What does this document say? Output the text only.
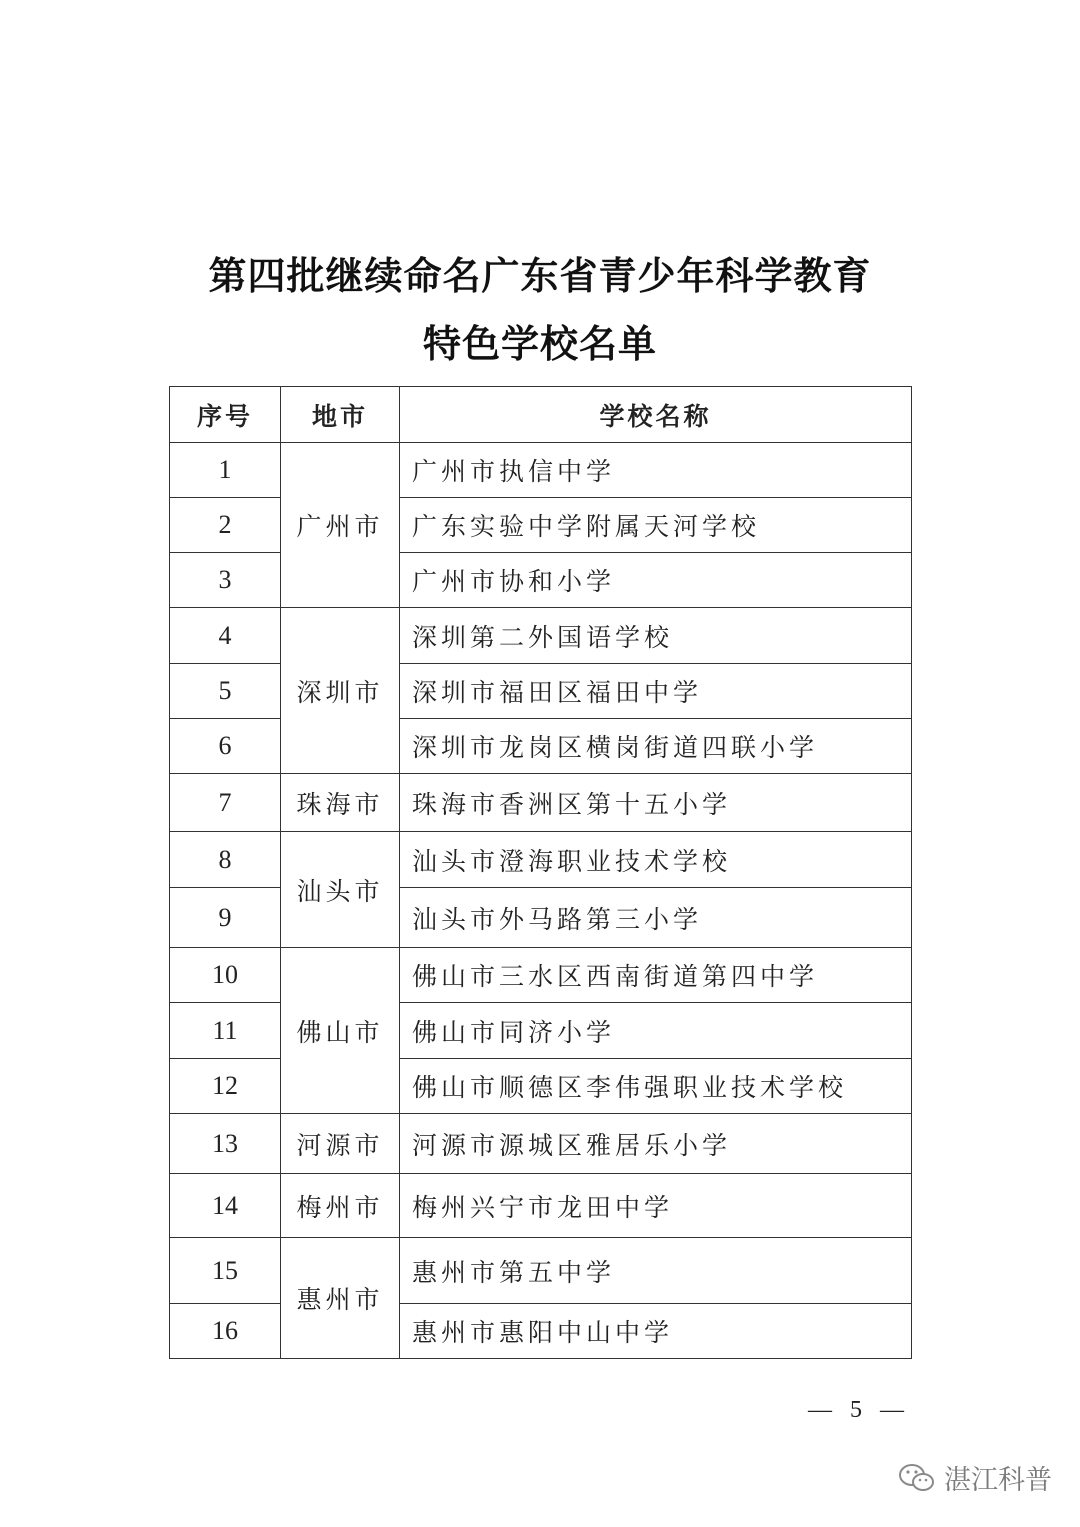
第四批继续命名广东省青少年科学教育
特色学校名单
序号	地市	学校名称
1	广州市	广州市执信中学
2		广东实验中学附属天河学校
3		广州市协和小学
4	深圳市	深圳第二外国语学校
5		深圳市福田区福田中学
6		深圳市龙岗区横岗街道四联小学
7	珠海市	珠海市香洲区第十五小学
8	汕头市	汕头市澄海职业技术学校
9		汕头市外马路第三小学
10	佛山市	佛山市三水区西南街道第四中学
11		佛山市同济小学
12		佛山市顺德区李伟强职业技术学校
13	河源市	河源市源城区雅居乐小学
14	梅州市	梅州兴宁市龙田中学
15	惠州市	惠州市第五中学
16		惠州市惠阳中山中学
— 5 —
湛江科普
